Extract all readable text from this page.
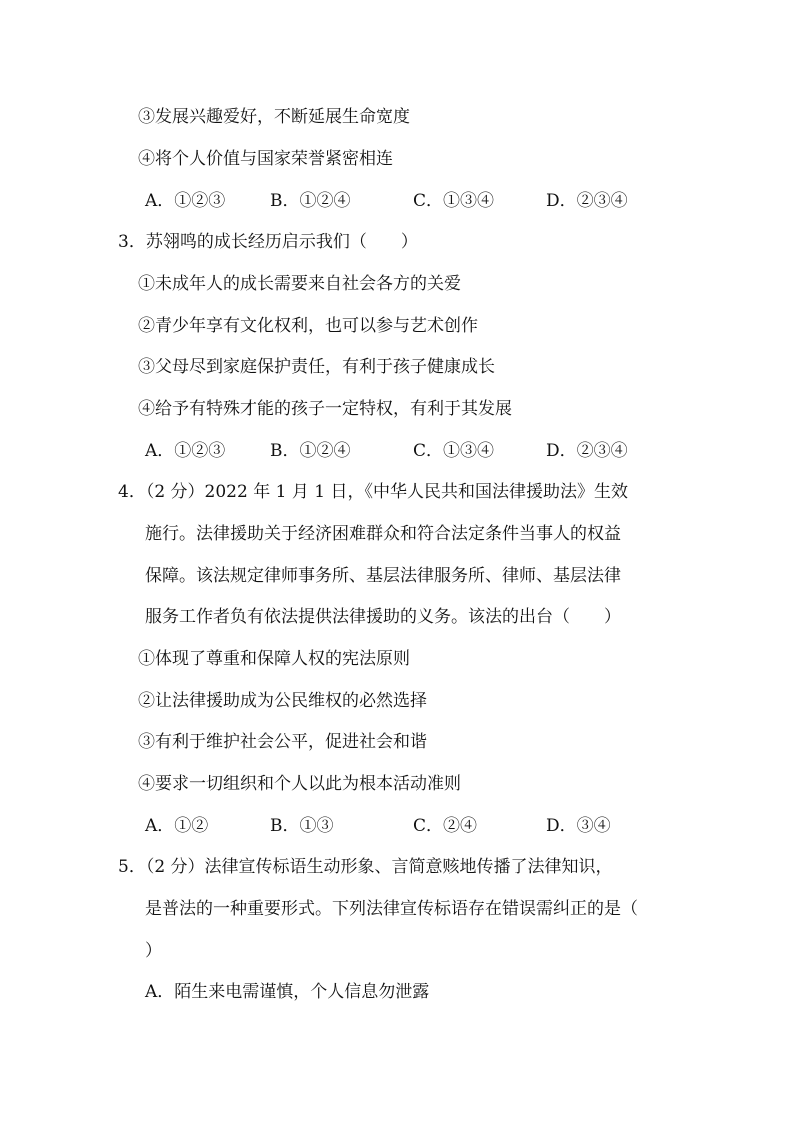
③发展兴趣爱好，不断延展生命宽度
④将个人价值与国家荣誉紧密相连
A．①②③	B．①②④	C．①③④	D．②③④
3．苏翎鸣的成长经历启示我们（　　）
①未成年人的成长需要来自社会各方的关爱
②青少年享有文化权利，也可以参与艺术创作
③父母尽到家庭保护责任，有利于孩子健康成长
④给予有特殊才能的孩子一定特权，有利于其发展
A．①②③	B．①②④	C．①③④	D．②③④
4．（2 分）2022 年 1 月 1 日，《中华人民共和国法律援助法》生效
施行。法律援助关于经济困难群众和符合法定条件当事人的权益
保障。该法规定律师事务所、基层法律服务所、律师、基层法律
服务工作者负有依法提供法律援助的义务。该法的出台（　　）
①体现了尊重和保障人权的宪法原则
②让法律援助成为公民维权的必然选择
③有利于维护社会公平，促进社会和谐
④要求一切组织和个人以此为根本活动准则
A．①②	B．①③	C．②④	D．③④
5．（2 分）法律宣传标语生动形象、言简意赅地传播了法律知识，
是普法的一种重要形式。下列法律宣传标语存在错误需纠正的是（
）
A．陌生来电需谨慎，个人信息勿泄露
